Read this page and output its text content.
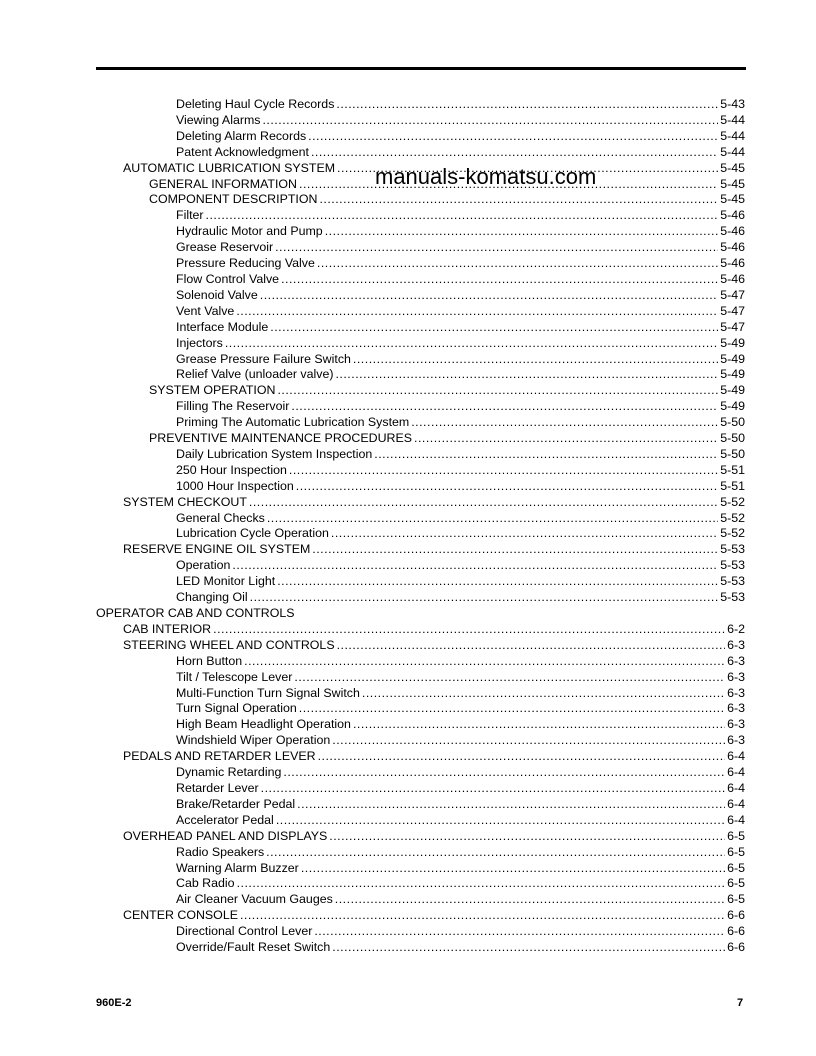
Deleting Haul Cycle Records .....	5-43
Viewing Alarms .....	5-44
Deleting Alarm Records .....	5-44
Patent Acknowledgment .....	5-44
AUTOMATIC LUBRICATION SYSTEM .....	5-45
GENERAL INFORMATION .....	5-45
COMPONENT DESCRIPTION .....	5-45
Filter .....	5-46
Hydraulic Motor and Pump .....	5-46
Grease Reservoir .....	5-46
Pressure Reducing Valve .....	5-46
Flow Control Valve .....	5-46
Solenoid Valve .....	5-47
Vent Valve .....	5-47
Interface Module .....	5-47
Injectors .....	5-49
Grease Pressure Failure Switch .....	5-49
Relief Valve (unloader valve) .....	5-49
SYSTEM OPERATION .....	5-49
Filling The Reservoir .....	5-49
Priming The Automatic Lubrication System .....	5-50
PREVENTIVE MAINTENANCE PROCEDURES .....	5-50
Daily Lubrication System Inspection .....	5-50
250 Hour Inspection .....	5-51
1000 Hour Inspection .....	5-51
SYSTEM CHECKOUT .....	5-52
General Checks .....	5-52
Lubrication Cycle Operation .....	5-52
RESERVE ENGINE OIL SYSTEM .....	5-53
Operation .....	5-53
LED Monitor Light .....	5-53
Changing Oil .....	5-53
OPERATOR CAB AND CONTROLS
CAB INTERIOR .....	6-2
STEERING WHEEL AND CONTROLS .....	6-3
Horn Button .....	6-3
Tilt / Telescope Lever .....	6-3
Multi-Function Turn Signal Switch .....	6-3
Turn Signal Operation .....	6-3
High Beam Headlight Operation .....	6-3
Windshield Wiper Operation .....	6-3
PEDALS AND RETARDER LEVER .....	6-4
Dynamic Retarding .....	6-4
Retarder Lever .....	6-4
Brake/Retarder Pedal .....	6-4
Accelerator Pedal .....	6-4
OVERHEAD PANEL AND DISPLAYS .....	6-5
Radio Speakers .....	6-5
Warning Alarm Buzzer .....	6-5
Cab Radio .....	6-5
Air Cleaner Vacuum Gauges .....	6-5
CENTER CONSOLE .....	6-6
Directional Control Lever .....	6-6
Override/Fault Reset Switch .....	6-6
manuals-komatsu.com
960E-2	7
